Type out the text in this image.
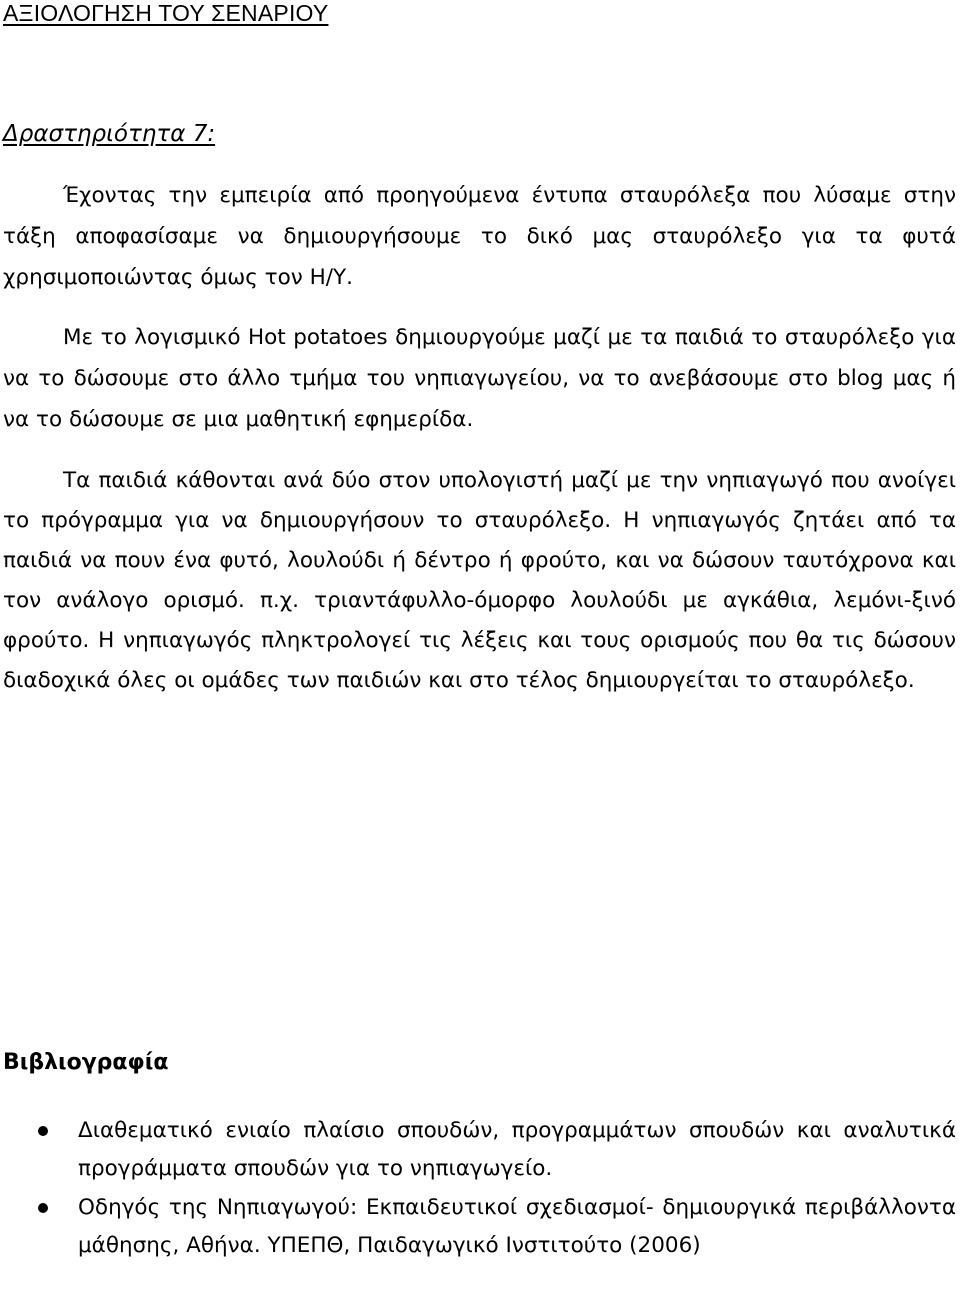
ΑΞΙΟΛΟΓΗΣΗ ΤΟΥ ΣΕΝΑΡΙΟΥ
Δραστηριότητα 7:

Έχοντας την εμπειρία από προηγούμενα έντυπα σταυρόλεξα που λύσαμε στην τάξη αποφασίσαμε να δημιουργήσουμε το δικό μας σταυρόλεξο για τα φυτά χρησιμοποιώντας όμως τον Η/Υ.

Με το λογισμικό Hot potatoes δημιουργούμε μαζί με τα παιδιά το σταυρόλεξο για να το δώσουμε στο άλλο τμήμα του νηπιαγωγείου, να το ανεβάσουμε στο blog μας ή να το δώσουμε σε μια μαθητική εφημερίδα.

Τα παιδιά κάθονται ανά δύο στον υπολογιστή μαζί με την νηπιαγωγό που ανοίγει το πρόγραμμα για να δημιουργήσουν το σταυρόλεξο. Η νηπιαγωγός ζητάει από τα παιδιά να πουν ένα φυτό, λουλούδι ή δέντρο ή φρούτο, και να δώσουν ταυτόχρονα και τον ανάλογο ορισμό. π.χ. τριαντάφυλλο-όμορφο λουλούδι με αγκάθια, λεμόνι-ξινό φρούτο. Η νηπιαγωγός πληκτρολογεί τις λέξεις και τους ορισμούς που θα τις δώσουν διαδοχικά όλες οι ομάδες των παιδιών και στο τέλος δημιουργείται το σταυρόλεξο.

Βιβλιογραφία
Διαθεματικό ενιαίο πλαίσιο σπουδών, προγραμμάτων σπουδών και αναλυτικά προγράμματα σπουδών για το νηπιαγωγείο.
Οδηγός της Νηπιαγωγού: Εκπαιδευτικοί σχεδιασμοί- δημιουργικά περιβάλλοντα μάθησης, Αθήνα. ΥΠΕΠΘ, Παιδαγωγικό Ινστιτούτο (2006)
